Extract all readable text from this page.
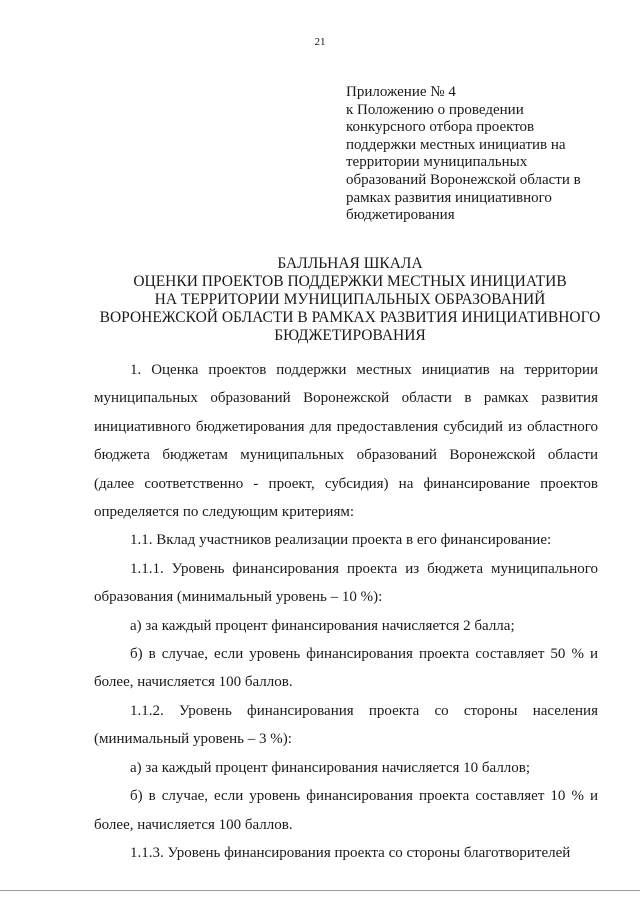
21
Приложение № 4
к Положению о проведении
конкурсного отбора проектов
поддержки местных инициатив на
территории муниципальных
образований Воронежской области в
рамках развития инициативного
бюджетирования
БАЛЛЬНАЯ ШКАЛА
ОЦЕНКИ ПРОЕКТОВ ПОДДЕРЖКИ МЕСТНЫХ ИНИЦИАТИВ
НА ТЕРРИТОРИИ МУНИЦИПАЛЬНЫХ ОБРАЗОВАНИЙ
ВОРОНЕЖСКОЙ ОБЛАСТИ В РАМКАХ РАЗВИТИЯ ИНИЦИАТИВНОГО
БЮДЖЕТИРОВАНИЯ

1. Оценка проектов поддержки местных инициатив на территории муниципальных образований Воронежской области в рамках развития инициативного бюджетирования для предоставления субсидий из областного бюджета бюджетам муниципальных образований Воронежской области (далее соответственно - проект, субсидия) на финансирование проектов определяется по следующим критериям:

1.1. Вклад участников реализации проекта в его финансирование:

1.1.1. Уровень финансирования проекта из бюджета муниципального образования (минимальный уровень – 10 %):

а) за каждый процент финансирования начисляется 2 балла;

б) в случае, если уровень финансирования проекта составляет 50 % и более, начисляется 100 баллов.

1.1.2. Уровень финансирования проекта со стороны населения (минимальный уровень – 3 %):

а) за каждый процент финансирования начисляется 10 баллов;

б) в случае, если уровень финансирования проекта составляет 10 % и более, начисляется 100 баллов.

1.1.3. Уровень финансирования проекта со стороны благотворителей
